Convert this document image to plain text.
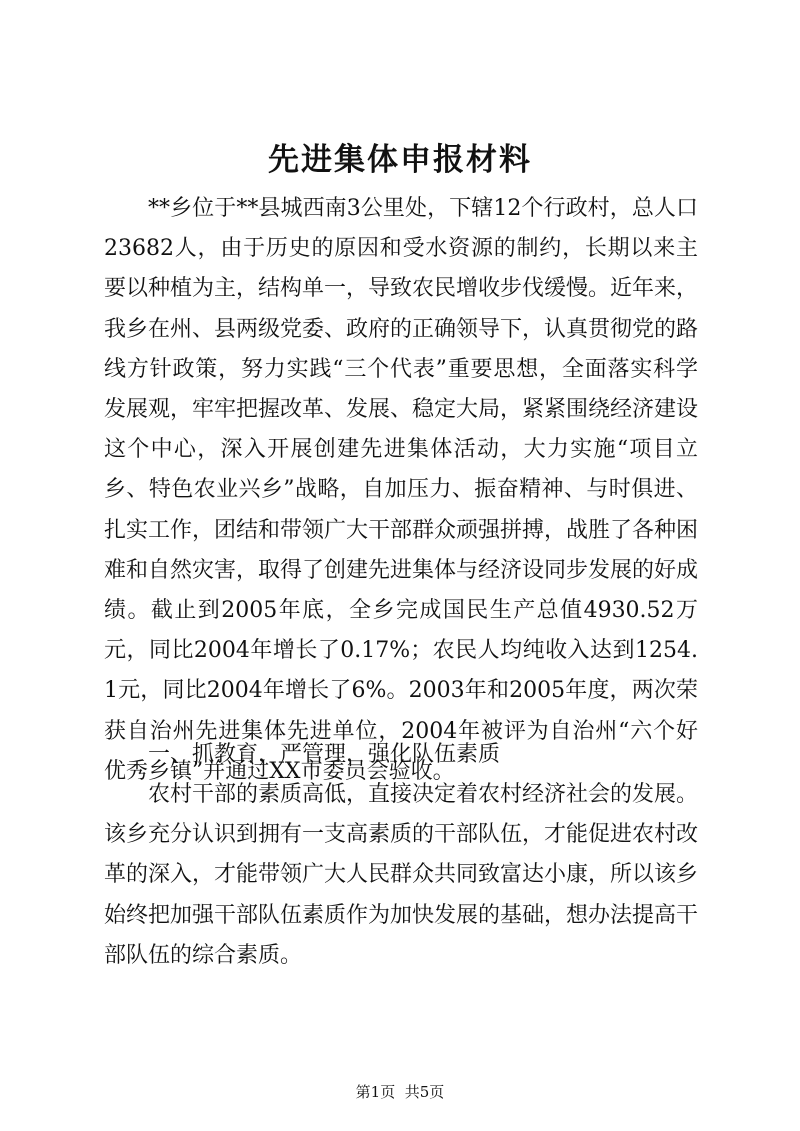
先进集体申报材料

**乡位于**县城西南3公里处，下辖12个行政村，总人口23682人，由于历史的原因和受水资源的制约，长期以来主要以种植为主，结构单一，导致农民增收步伐缓慢。近年来，我乡在州、县两级党委、政府的正确领导下，认真贯彻党的路线方针政策，努力实践“三个代表”重要思想，全面落实科学发展观，牢牢把握改革、发展、稳定大局，紧紧围绕经济建设这个中心，深入开展创建先进集体活动，大力实施“项目立乡、特色农业兴乡”战略，自加压力、振奋精神、与时俱进、扎实工作，团结和带领广大干部群众顽强拼搏，战胜了各种困难和自然灾害，取得了创建先进集体与经济设同步发展的好成绩。截止到2005年底，全乡完成国民生产总值4930.52万元，同比2004年增长了0.17%；农民人均纯收入达到1254.1元，同比2004年增长了6%。2003年和2005年度，两次荣获自治州先进集体先进单位，2004年被评为自治州“六个好优秀乡镇”并通过XX市委员会验收。

一、抓教育，严管理，强化队伍素质

农村干部的素质高低，直接决定着农村经济社会的发展。该乡充分认识到拥有一支高素质的干部队伍，才能促进农村改革的深入，才能带领广大人民群众共同致富达小康，所以该乡始终把加强干部队伍素质作为加快发展的基础，想办法提高干部队伍的综合素质。

第1页 共5页
